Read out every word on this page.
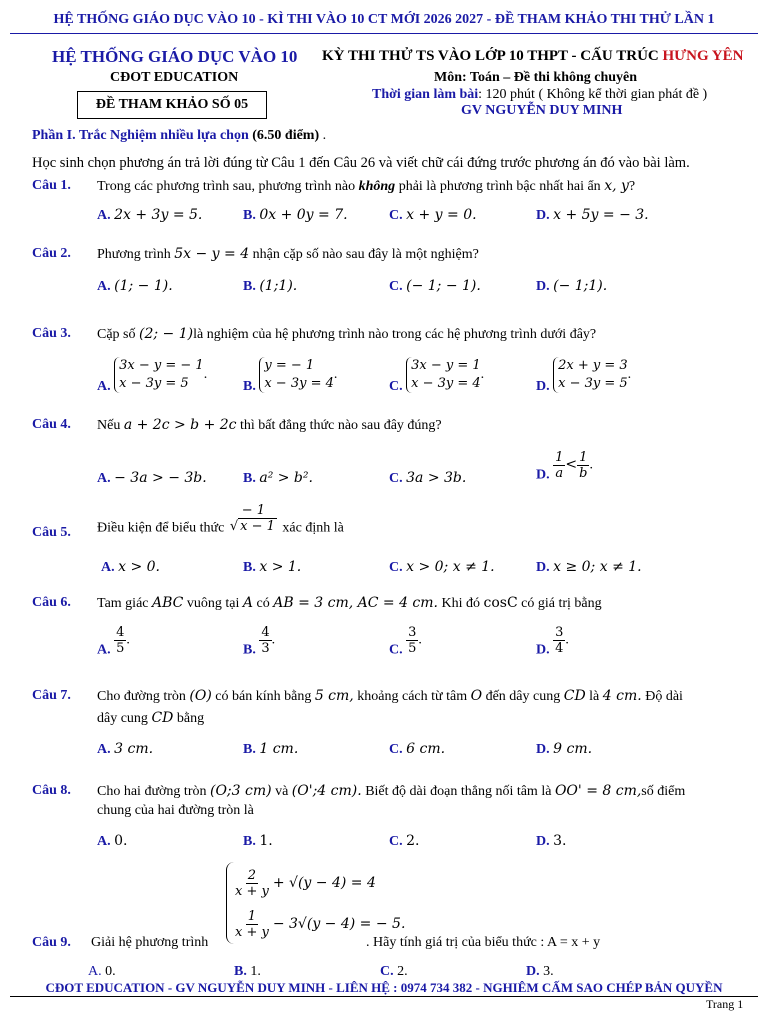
HỆ THỐNG GIÁO DỤC VÀO 10 - KÌ THI VÀO 10 CT MỚI 2026 2027 - ĐỀ THAM KHẢO THI THỬ LẦN 1
HỆ THỐNG GIÁO DỤC VÀO 10 KỲ THI THỬ TS VÀO LỚP 10 THPT - CẤU TRÚC HƯNG YÊN
CĐOT EDUCATION	Môn: Toán – Đề thi không chuyên
Thời gian làm bài: 120 phút ( Không kể thời gian phát đề )
GV NGUYỄN DUY MINH
ĐỀ THAM KHẢO SỐ 05
Phần I. Trắc Nghiệm nhiều lựa chọn (6.50 điểm) .
Học sinh chọn phương án trả lời đúng từ Câu 1 đến Câu 26 và viết chữ cái đứng trước phương án đó vào bài làm.
Câu 1. Trong các phương trình sau, phương trình nào không phải là phương trình bậc nhất hai ẩn x, y?
A. 2x + 3y = 5.	B. 0x + 0y = 7.	C. x + y = 0.	D. x + 5y = − 3.
Câu 2. Phương trình 5x − y = 4 nhận cặp số nào sau đây là một nghiệm?
A. (1; − 1).	B. (1;1).	C. (− 1; − 1).	D. (− 1;1).
Câu 3. Cặp số (2; − 1)là nghiệm của hệ phương trình nào trong các hệ phương trình dưới đây?
A. 3x − y = − 1
x − 3y = 5.
B. y = − 1
x − 3y = 4.
C. 3x − y = 1
x − 3y = 4.
D. 2x + y = 3
x − 3y = 5.
Câu 4. Nếu a + 2c > b + 2c thì bất đẳng thức nào sau đây đúng?
A. − 3a > − 3b.	B. a² > b².	C. 3a > 3b.	D. $\frac{1}{a} < \frac{1}{b}$ .
Câu 5. Điều kiện để biểu thức $\frac{- 1}{√ x - 1}$ xác định là
A. x > 0.	B. x > 1.	C. x > 0; x ≠ 1.	D. x ≥ 0; x ≠ 1.
Câu 6. Tam giác ABC vuông tại A có AB = 3 cm, AC = 4 cm. Khi đó cosC có giá trị bằng
A. $\frac{4}{5}$ .
B. $\frac{4}{3}$ .
C. $\frac{3}{5}$ .
D. $\frac{3}{4}$ .
Câu 7. Cho đường tròn (O) có bán kính bằng 5 cm, khoảng cách từ tâm O đến dây cung CD là 4 cm. Độ dài
dây cung CD bằng
A. 3 cm.	B. 1 cm.	C. 6 cm.	D. 9 cm.
Câu 8. Cho hai đường tròn (O;3 cm) và (O';4 cm). Biết độ dài đoạn thẳng nối tâm là OO' = 8 cm,số điểm
chung của hai đường tròn là
A. 0.	B. 1.	C. 2.	D. 3.
Câu 9. Giải hệ phương trình
$\frac{2}{x + y} + √(y - 4) = 4$
$\frac{1}{x + y} - 3√(y - 4)$ = − 5.
. Hãy tính giá trị của biểu thức : A = x + y
A. 0.	B. 1.	C. 2.	D. 3.
CĐOT EDUCATION - GV NGUYỄN DUY MINH - LIÊN HỆ : 0974 734 382 - NGHIÊM CẤM SAO CHÉP BẢN QUYỀN
Trang 1
